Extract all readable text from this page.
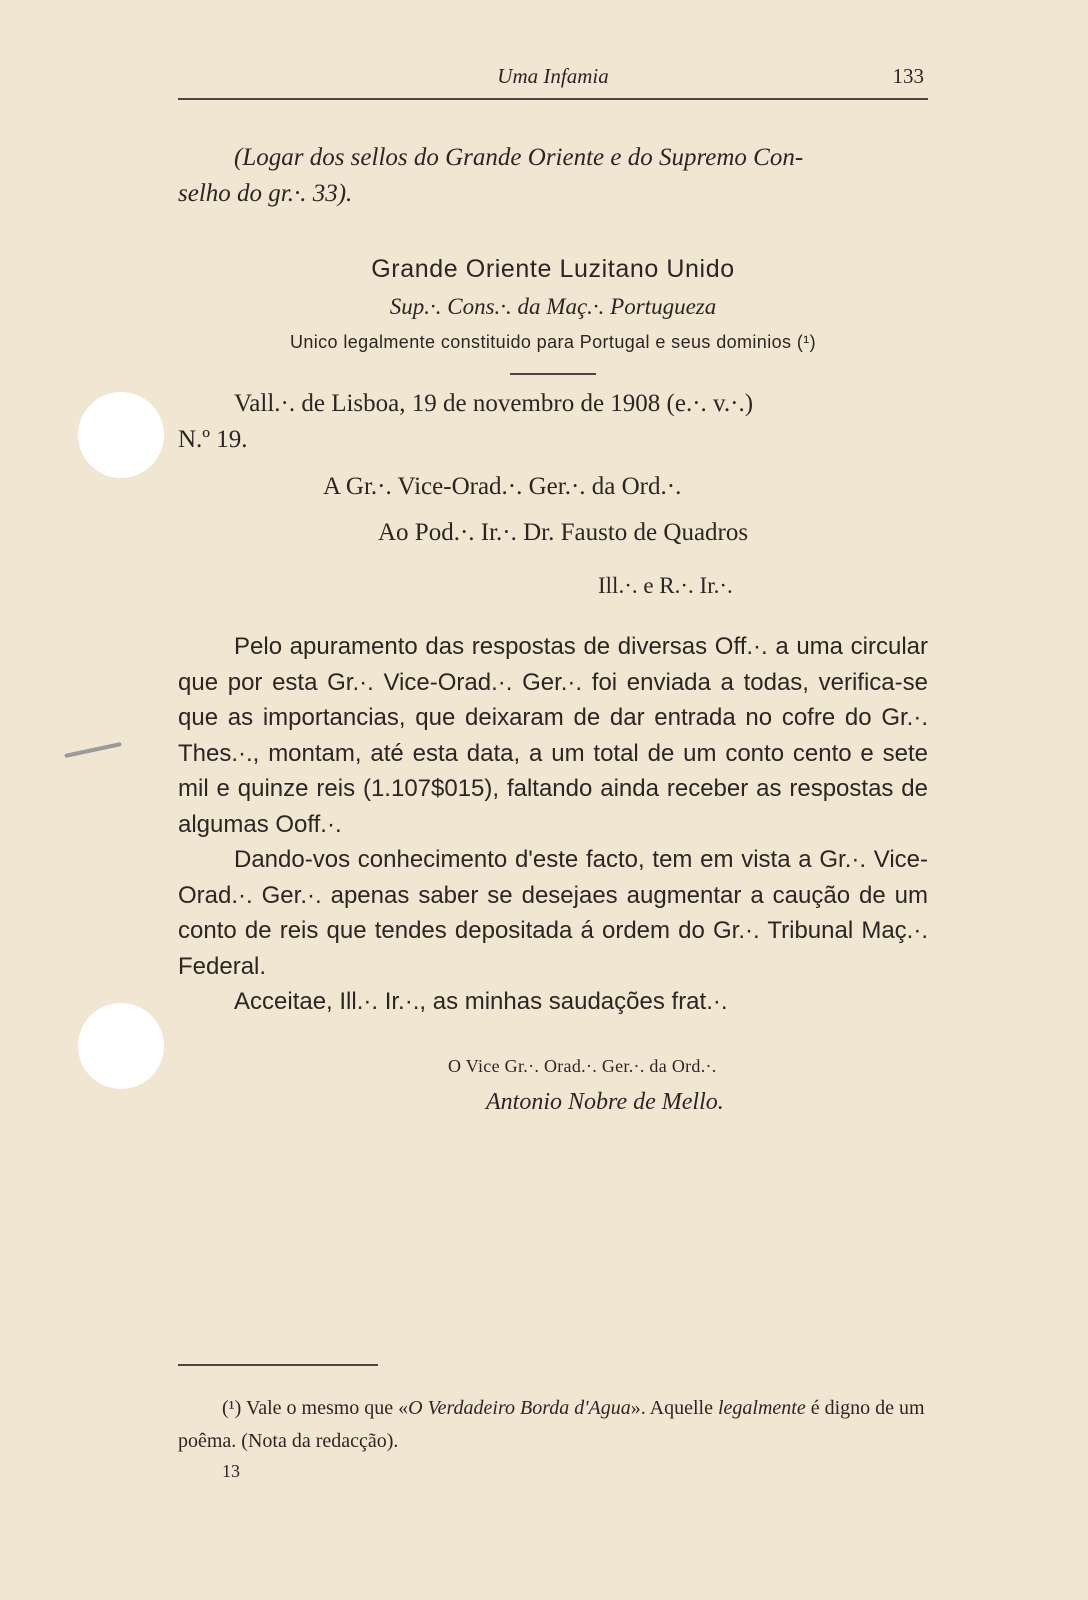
Uma Infamia	133
(Logar dos sellos do Grande Oriente e do Supremo Con-
selho do gr.·. 33).
Grande Oriente Luzitano Unido
Sup.·. Cons.·. da Maç.·. Portugueza
Unico legalmente constituido para Portugal e seus dominios (¹)
Vall.·. de Lisboa, 19 de novembro de 1908 (e.·. v.·.)
N.º 19.
A Gr.·. Vice-Orad.·. Ger.·. da Ord.·.
Ao Pod.·. Ir.·. Dr. Fausto de Quadros
Ill.·. e R.·. Ir.·.

Pelo apuramento das respostas de diversas Off.·. a uma circular que por esta Gr.·. Vice-Orad.·. Ger.·. foi enviada a todas, verifica-se que as importancias, que deixaram de dar entrada no cofre do Gr.·. Thes.·., montam, até esta data, a um total de um conto cento e sete mil e quinze reis (1.107$015), faltando ainda receber as respostas de algumas Ooff.·.

Dando-vos conhecimento d'este facto, tem em vista a Gr.·. Vice-Orad.·. Ger.·. apenas saber se desejaes augmentar a caução de um conto de reis que tendes depositada á ordem do Gr.·. Tribunal Maç.·. Federal.

Acceitae, Ill.·. Ir.·., as minhas saudações frat.·.

O Vice Gr.·. Orad.·. Ger.·. da Ord.·.
Antonio Nobre de Mello.
(¹) Vale o mesmo que «O Verdadeiro Borda d'Agua». Aquelle legalmente é digno de um poêma. (Nota da redacção).
13
